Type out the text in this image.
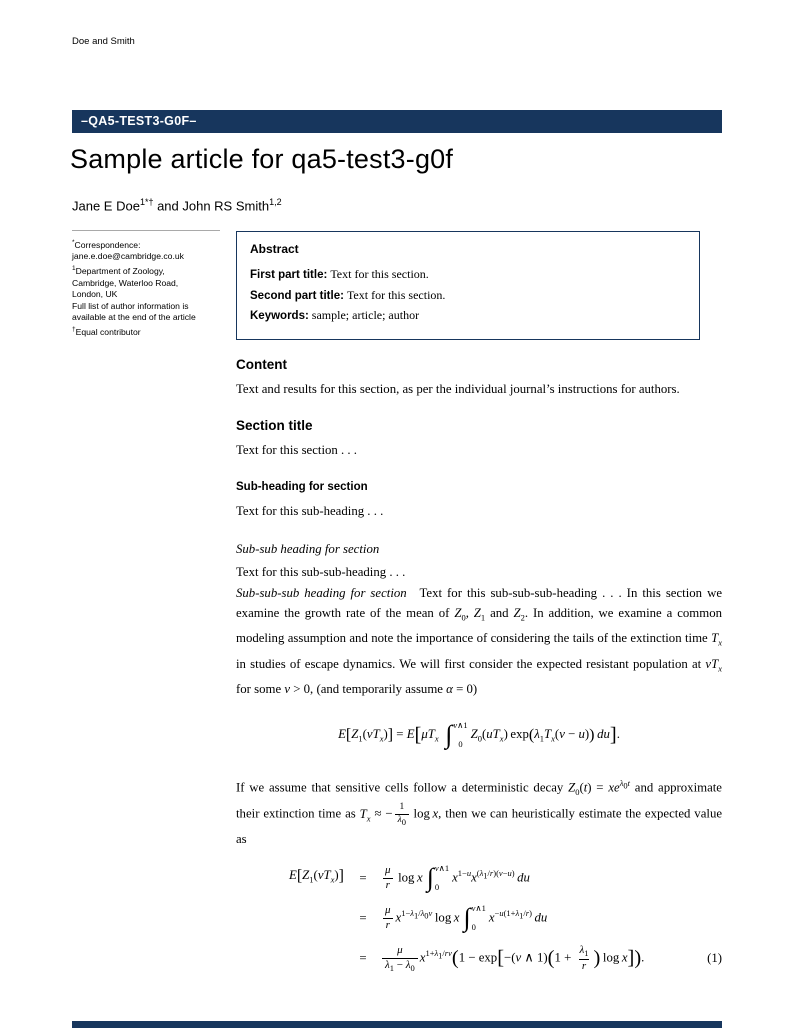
Doe and Smith
–QA5-TEST3-G0F–
Sample article for qa5-test3-g0f
Jane E Doe$^{1*\dagger}$ and John RS Smith$^{1,2}$
*Correspondence:
jane.e.doe@cambridge.co.uk
$^1$Department of Zoology,
Cambridge, Waterloo Road,
London, UK
Full list of author information is
available at the end of the article
†Equal contributor
Abstract
First part title: Text for this section.
Second part title: Text for this section.
Keywords: sample; article; author
Content

Text and results for this section, as per the individual journal’s instructions for authors.

Section title

Text for this section . . .

Sub-heading for section

Text for this sub-heading . . .

Sub-sub heading for section

Text for this sub-sub-heading . . .

Sub-sub-sub heading for section Text for this sub-sub-sub-heading . . . In this section we examine the growth rate of the mean of $Z_0$, $Z_1$ and $Z_2$. In addition, we examine a common modeling assumption and note the importance of considering the tails of the extinction time $T_x$ in studies of escape dynamics. We will first consider the expected resistant population at $vT_x$ for some v > 0, (and temporarily assume α = 0)

$E[Z_1(vT_x)] = E[\mu T_x$  ∫ v∧1
0
$Z_0(uT_x) \exp(\lambda_1T_x(v - u))$  du].

If we assume that sensitive cells follow a deterministic decay $Z_0(t) = xe^{\lambda_0t}$ and approximate their extinction time as $T_x$ ≈ − $\frac{1}{\lambda_0}$  log x, then we can heuristically estimate the expected value as

$E[Z_1(vT_x)]$	=	$\frac{\mu}{r}$  log x ∫ v∧1
0
$x^{1-u}x^{(\lambda_1/r)(v-u)}$  du	
	=	$\frac{\mu}{r} x^{1-\lambda_1/\lambda_0v}$ log x ∫ v∧1
0
$x^{-u(1+\lambda_1/r)}$  du	
	=	$\frac{\mu}{\lambda_1 - \lambda_0} x^{1+\lambda_1/rv}(1 - \exp[-(v$ ∧ $1)(1 + \frac{\lambda_1}{r}$ ) log x]).	(1)
